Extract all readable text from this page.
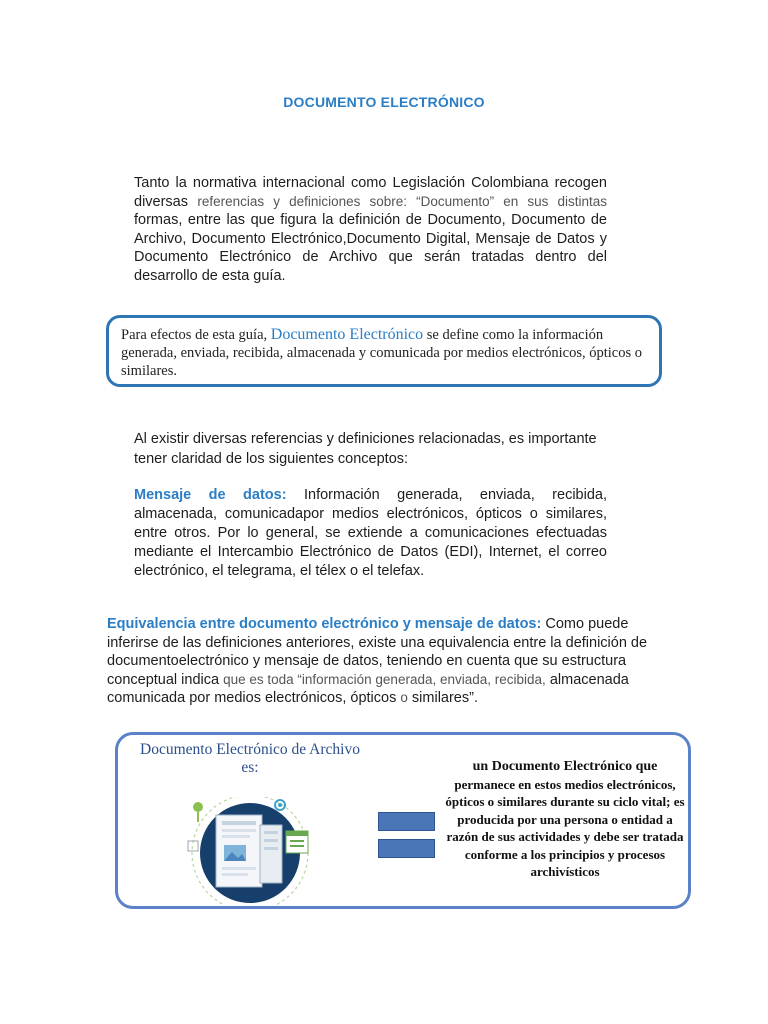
DOCUMENTO ELECTRÓNICO
Tanto la normativa internacional como Legislación Colombiana recogen diversas referencias y definiciones sobre: “Documento” en sus distintas formas, entre las que figura la definición de Documento, Documento de Archivo, Documento Electrónico,Documento Digital, Mensaje de Datos y Documento Electrónico de Archivo que serán tratadas dentro del desarrollo de esta guía.
Para efectos de esta guía, Documento Electrónico se define como la información generada, enviada, recibida, almacenada y comunicada por medios electrónicos, ópticos o similares.
Al existir diversas referencias y definiciones relacionadas, es importante tener claridad de los siguientes conceptos:
Mensaje de datos: Información generada, enviada, recibida, almacenada, comunicadapor medios electrónicos, ópticos o similares, entre otros. Por lo general, se extiende a comunicaciones efectuadas mediante el Intercambio Electrónico de Datos (EDI), Internet, el correo electrónico, el telegrama, el télex o el telefax.
Equivalencia entre documento electrónico y mensaje de datos: Como puede inferirse de las definiciones anteriores, existe una equivalencia entre la definición de documentoelectrónico y mensaje de datos, teniendo en cuenta que su estructura conceptual indica que es toda “información generada, enviada, recibida, almacenada comunicada por medios electrónicos, ópticos o similares”.
Documento Electrónico de Archivo es:	un Documento Electrónico que
permanece en estos medios electrónicos, ópticos o similares durante su ciclo vital; es producida por una persona o entidad a razón de sus actividades y debe ser tratada conforme a los principios y procesos archivísticos
